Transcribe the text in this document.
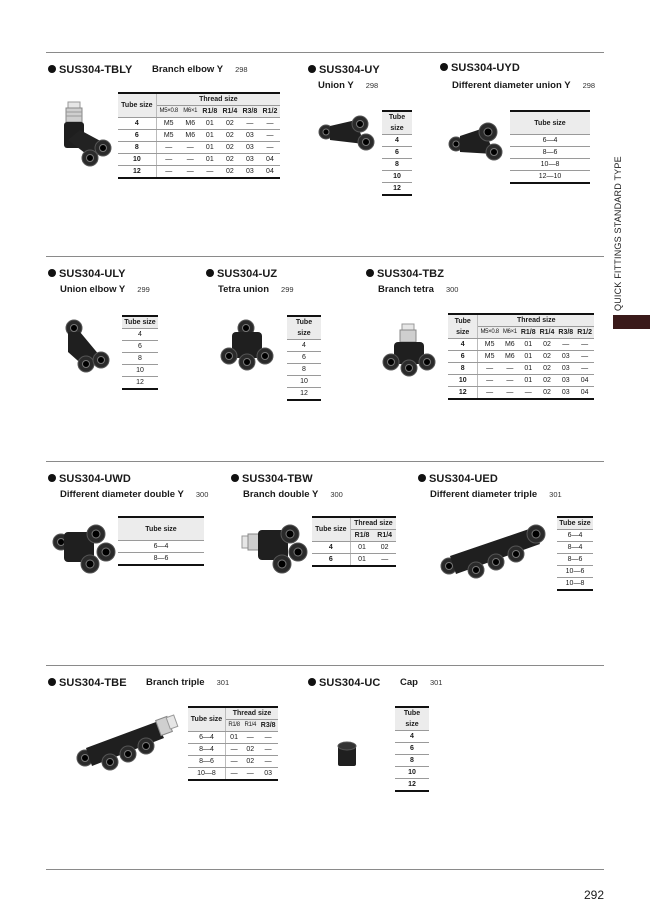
QUICK FITTINGS STANDARD TYPE
SUS304-TBLY Branch elbow Y 298
Tube size	Thread size					
	M5×0.8	M6×1	R1/8	R1/4	R3/8	R1/2
4	M5	M6	01	02	—	—
6	M5	M6	01	02	03	—
8	—	—	01	02	03	—
10	—	—	01	02	03	04
12	—	—	—	02	03	04
SUS304-UY
Union Y 298
Tube size
4
6
8
10
12
SUS304-UYD
Different diameter union Y 298
Tube size
6—4
8—6
10—8
12—10
SUS304-ULY
Union elbow Y 299
Tube size
4
6
8
10
12
SUS304-UZ
Tetra union 299
Tube size
4
6
8
10
12
SUS304-TBZ
Branch tetra 300
Tube size	Thread size					
	M5×0.8	M6×1	R1/8	R1/4	R3/8	R1/2
4	M5	M6	01	02	—	—
6	M5	M6	01	02	03	—
8	—	—	01	02	03	—
10	—	—	01	02	03	04
12	—	—	—	02	03	04
SUS304-UWD
Different diameter double Y 300
Tube size
6—4
8—6
SUS304-TBW
Branch double Y 300
Tube size	Thread size	
	R1/8	R1/4
4	01	02
6	01	—
SUS304-UED
Different diameter triple 301
Tube size
6—4
8—4
8—6
10—6
10—8
SUS304-TBE Branch triple 301
Tube size	Thread size		
	R1/8	R1/4	R3/8
6—4	01	—	—
8—4	—	02	—
8—6	—	02	—
10—8	—	—	03
SUS304-UC Cap 301
Tube size
4
6
8
10
12
292
